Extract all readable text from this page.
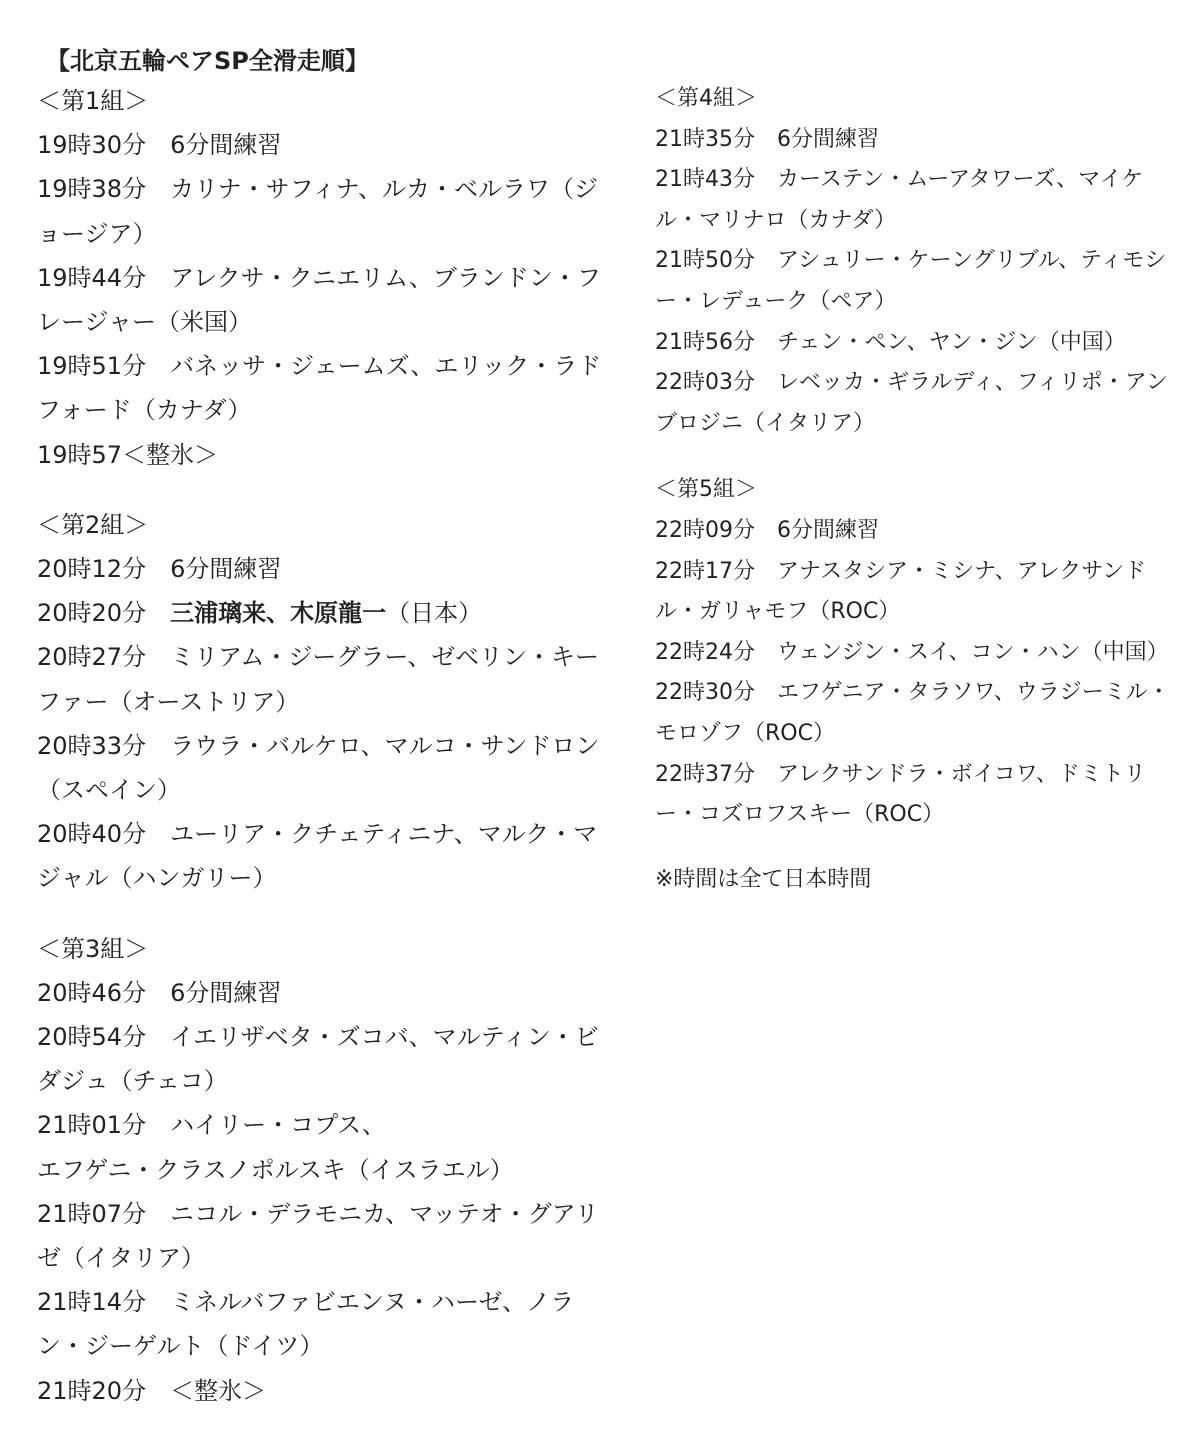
【北京五輪ペアSP全滑走順】
＜第1組＞
19時30分　6分間練習
19時38分　カリナ・サフィナ、ルカ・ベルラワ（ジ
ョージア）
19時44分　アレクサ・クニエリム、ブランドン・フ
レージャー（米国）
19時51分　バネッサ・ジェームズ、エリック・ラド
フォード（カナダ）
19時57＜整氷＞
＜第2組＞
20時12分　6分間練習
20時20分　三浦璃来、木原龍一（日本）
20時27分　ミリアム・ジーグラー、ゼベリン・キー
ファー（オーストリア）
20時33分　ラウラ・バルケロ、マルコ・サンドロン
（スペイン）
20時40分　ユーリア・クチェティニナ、マルク・マ
ジャル（ハンガリー）
＜第3組＞
20時46分　6分間練習
20時54分　イエリザベタ・ズコバ、マルティン・ビ
ダジュ（チェコ）
21時01分　ハイリー・コプス、
エフゲニ・クラスノポルスキ（イスラエル）
21時07分　ニコル・デラモニカ、マッテオ・グアリ
ゼ（イタリア）
21時14分　ミネルバファビエンヌ・ハーゼ、ノラ
ン・ジーゲルト（ドイツ）
21時20分　＜整氷＞
＜第4組＞
21時35分　6分間練習
21時43分　カーステン・ムーアタワーズ、マイケ
ル・マリナロ（カナダ）
21時50分　アシュリー・ケーングリブル、ティモシ
ー・レデューク（ペア）
21時56分　チェン・ペン、ヤン・ジン（中国）
22時03分　レベッカ・ギラルディ、フィリポ・アン
ブロジニ（イタリア）
＜第5組＞
22時09分　6分間練習
22時17分　アナスタシア・ミシナ、アレクサンド
ル・ガリャモフ（ROC）
22時24分　ウェンジン・スイ、コン・ハン（中国）
22時30分　エフゲニア・タラソワ、ウラジーミル・
モロゾフ（ROC）
22時37分　アレクサンドラ・ボイコワ、ドミトリ
ー・コズロフスキー（ROC）
※時間は全て日本時間
